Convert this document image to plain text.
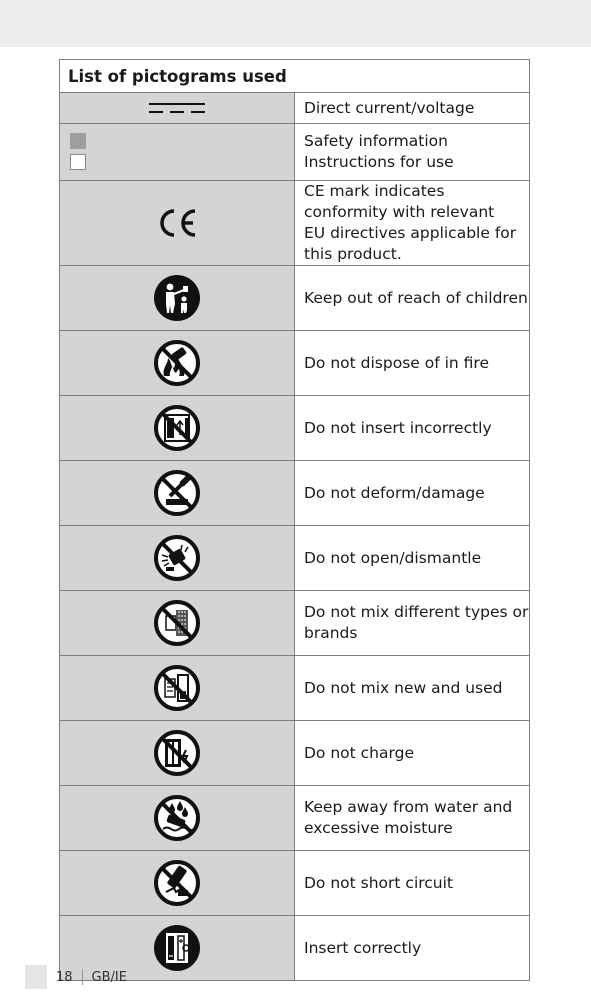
List of pictograms used	

Direct current/voltage

Safety information
Instructions for use

CE mark indicates conformity with relevant
EU directives applicable for this product.

Keep out of reach of children

Do not dispose of in fire

Do not insert incorrectly

Do not deform/damage

Do not open/dismantle

Do not mix different types or brands

Do not mix new and used

Do not charge

Keep away from water and excessive moisture

Do not short circuit

Insert correctly
18 GB/IE
